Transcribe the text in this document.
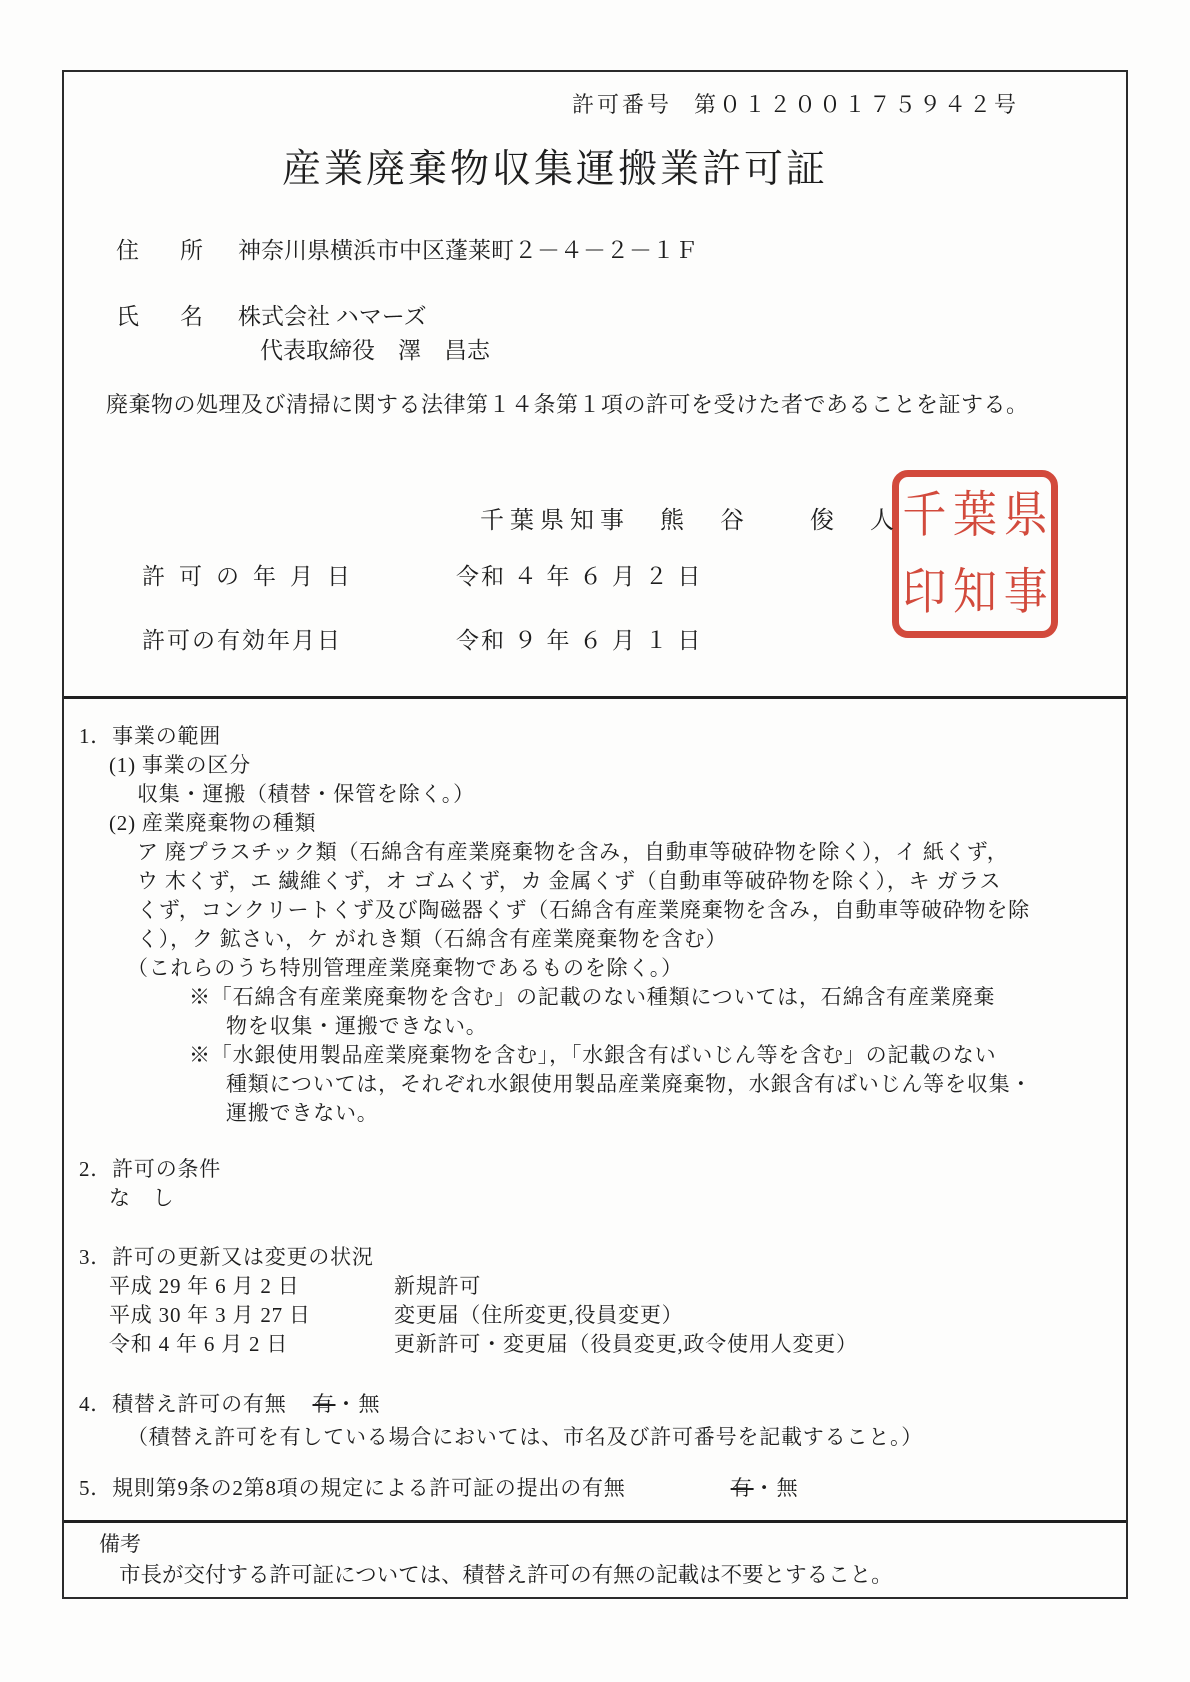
許可番号 第０１２００１７５９４２号
産業廃棄物収集運搬業許可証
住　所 神奈川県横浜市中区蓬莱町２－４－２－１Ｆ
氏　名 株式会社 ハマーズ
代表取締役　澤　昌志
廃棄物の処理及び清掃に関する法律第１４条第１項の許可を受けた者であることを証する。
千葉県知事　熊　谷　　俊　人 千 葉 県
印 知 事
許可の年月日	令和 ４ 年 ６ 月 ２ 日
許可の有効年月日	令和 ９ 年 ６ 月 １ 日
1．事業の範囲
(1) 事業の区分
収集・運搬（積替・保管を除く。）
(2) 産業廃棄物の種類
ア 廃プラスチック類（石綿含有産業廃棄物を含み，自動車等破砕物を除く），イ 紙くず，
ウ 木くず，エ 繊維くず，オ ゴムくず，カ 金属くず（自動車等破砕物を除く），キ ガラス
くず，コンクリートくず及び陶磁器くず（石綿含有産業廃棄物を含み，自動車等破砕物を除
く），ク 鉱さい，ケ がれき類（石綿含有産業廃棄物を含む）
（これらのうち特別管理産業廃棄物であるものを除く。）
※「石綿含有産業廃棄物を含む」の記載のない種類については，石綿含有産業廃棄
物を収集・運搬できない。
※「水銀使用製品産業廃棄物を含む」，「水銀含有ばいじん等を含む」の記載のない
種類については，それぞれ水銀使用製品産業廃棄物，水銀含有ばいじん等を収集・
運搬できない。
2．許可の条件
な　し
3．許可の更新又は変更の状況
平成 29 年 6 月 2 日	新規許可
平成 30 年 3 月 27 日	変更届（住所変更,役員変更）
令和 4 年 6 月 2 日	更新許可・変更届（役員変更,政令使用人変更）
4．積替え許可の有無 有・無
（積替え許可を有している場合においては、市名及び許可番号を記載すること。）
5．規則第9条の2第8項の規定による許可証の提出の有無	有・無
備考
市長が交付する許可証については、積替え許可の有無の記載は不要とすること。
